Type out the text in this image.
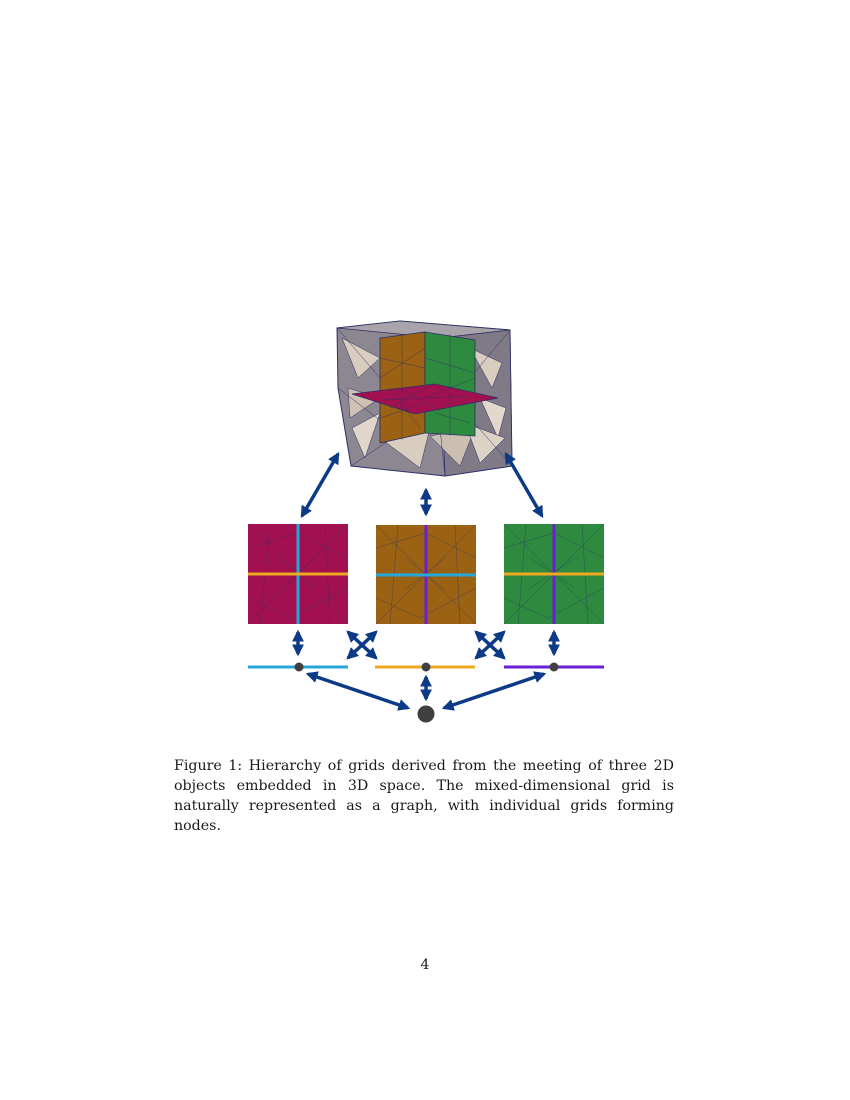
Figure 1: Hierarchy of grids derived from the meeting of three 2D objects embedded in 3D space. The mixed-dimensional grid is naturally represented as a graph, with individual grids forming nodes.

4
